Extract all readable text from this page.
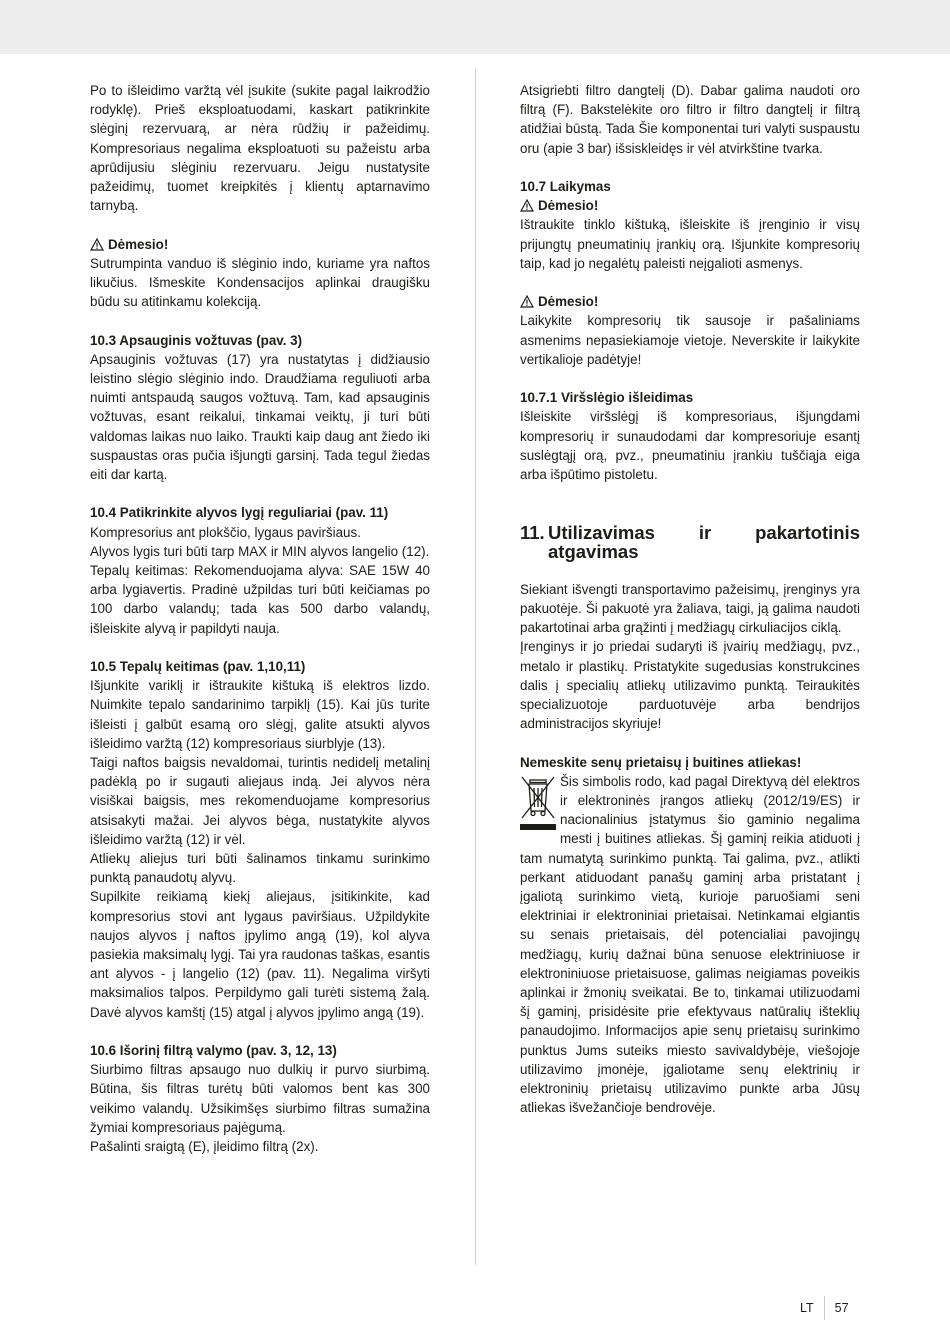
Po to išleidimo varžtą vėl įsukite (sukite pagal laikrodžio rodyklę). Prieš eksploatuodami, kaskart patikrinkite slėginį rezervuarą, ar nėra rūdžių ir pažeidimų. Kompresoriaus negalima eksploatuoti su pažeistu arba aprūdijusiu slėginiu rezervuaru. Jeigu nustatysite pažeidimų, tuomet kreipkitės į klientų aptarnavimo tarnybą.

Dėmesio!

Sutrumpinta vanduo iš slėginio indo, kuriame yra naftos likučius. Išmeskite Kondensacijos aplinkai draugišku būdu su atitinkamu kolekciją.

10.3 Apsauginis vožtuvas (pav. 3)

Apsauginis vožtuvas (17) yra nustatytas į didžiausio leistino slėgio slėginio indo. Draudžiama reguliuoti arba nuimti antspaudą saugos vožtuvą. Tam, kad apsauginis vožtuvas, esant reikalui, tinkamai veiktų, ji turi būti valdomas laikas nuo laiko. Traukti kaip daug ant žiedo iki suspaustas oras pučia išjungti garsinį. Tada tegul žiedas eiti dar kartą.

10.4 Patikrinkite alyvos lygį reguliariai (pav. 11)

Kompresorius ant plokščio, lygaus paviršiaus.

Alyvos lygis turi būti tarp MAX ir MIN alyvos langelio (12).

Tepalų keitimas: Rekomenduojama alyva: SAE 15W 40 arba lygiavertis. Pradinė užpildas turi būti keičiamas po 100 darbo valandų; tada kas 500 darbo valandų, išleiskite alyvą ir papildyti nauja.

10.5 Tepalų keitimas (pav. 1,10,11)

Išjunkite variklį ir ištraukite kištuką iš elektros lizdo. Nuimkite tepalo sandarinimo tarpiklį (15). Kai jūs turite išleisti į galbūt esamą oro slėgį, galite atsukti alyvos išleidimo varžtą (12) kompresoriaus siurblyje (13).

Taigi naftos baigsis nevaldomai, turintis nedidelį metalinį padėklą po ir sugauti aliejaus indą. Jei alyvos nėra visiškai baigsis, mes rekomenduojame kompresorius atsisakyti mažai. Jei alyvos bėga, nustatykite alyvos išleidimo varžtą (12) ir vėl.

Atliekų aliejus turi būti šalinamos tinkamu surinkimo punktą panaudotų alyvų.

Supilkite reikiamą kiekį aliejaus, įsitikinkite, kad kompresorius stovi ant lygaus paviršiaus. Užpildykite naujos alyvos į naftos įpylimo angą (19), kol alyva pasiekia maksimalų lygį. Tai yra raudonas taškas, esantis ant alyvos - į langelio (12) (pav. 11). Negalima viršyti maksimalios talpos. Perpildymo gali turėti sistemą žalą. Davė alyvos kamštį (15) atgal į alyvos įpylimo angą (19).

10.6 Išorinį filtrą valymo (pav. 3, 12, 13)

Siurbimo filtras apsaugo nuo dulkių ir purvo siurbimą. Būtina, šis filtras turėtų būti valomos bent kas 300 veikimo valandų. Užsikimšęs siurbimo filtras sumažina žymiai kompresoriaus pajėgumą.

Pašalinti sraigtą (E), įleidimo filtrą (2x).

Atsigriebti filtro dangtelį (D). Dabar galima naudoti oro filtrą (F). Bakstelėkite oro filtro ir filtro dangtelį ir filtrą atidžiai būstą. Tada Šie komponentai turi valyti suspaustu oru (apie 3 bar) išsiskleidęs ir vėl atvirkštine tvarka.

10.7 Laikymas

Dėmesio!

Ištraukite tinklo kištuką, išleiskite iš įrenginio ir visų prijungtų pneumatinių įrankių orą. Išjunkite kompresorių taip, kad jo negalėtų paleisti neįgalioti asmenys.

Dėmesio!

Laikykite kompresorių tik sausoje ir pašaliniams asmenims nepasiekiamoje vietoje. Neverskite ir laikykite vertikalioje padėtyje!

10.7.1 Viršslėgio išleidimas

Išleiskite viršslėgį iš kompresoriaus, išjungdami kompresorių ir sunaudodami dar kompresoriuje esantį suslėgtąjį orą, pvz., pneumatiniu įrankiu tuščiąja eiga arba išpūtimo pistoletu.

11. Utilizavimas ir pakartotinis
atgavimas

Siekiant išvengti transportavimo pažeisimų, įrenginys yra pakuotėje. Ši pakuotė yra žaliava, taigi, ją galima naudoti pakartotinai arba grąžinti į medžiagų cirkuliacijos ciklą.

Įrenginys ir jo priedai sudaryti iš įvairių medžiagų, pvz., metalo ir plastikų. Pristatykite sugedusias konstrukcines dalis į specialių atliekų utilizavimo punktą. Teiraukitės specializuotoje parduotuvėje arba bendrijos administracijos skyriuje!

Nemeskite senų prietaisų į buitines atliekas!

Šis simbolis rodo, kad pagal Direktyvą dėl elektros ir elektroninės įrangos atliekų (2012/19/ES) ir nacionalinius įstatymus šio gaminio negalima mesti į buitines atliekas. Šį gaminį reikia atiduoti į tam numatytą surinkimo punktą. Tai galima, pvz., atlikti perkant atiduodant panašų gaminį arba pristatant į įgaliotą surinkimo vietą, kurioje paruošiami seni elektriniai ir elektroniniai prietaisai. Netinkamai elgiantis su senais prietaisais, dėl potencialiai pavojingų medžiagų, kurių dažnai būna senuose elektriniuose ir elektroniniuose prietaisuose, galimas neigiamas poveikis aplinkai ir žmonių sveikatai. Be to, tinkamai utilizuodami šį gaminį, prisidėsite prie efektyvaus natūralių išteklių panaudojimo. Informacijos apie senų prietaisų surinkimo punktus Jums suteiks miesto savivaldybėje, viešojoje utilizavimo įmonėje, įgaliotame senų elektrinių ir elektroninių prietaisų utilizavimo punkte arba Jūsų atliekas išvežančioje bendrovėje.

LT 57
